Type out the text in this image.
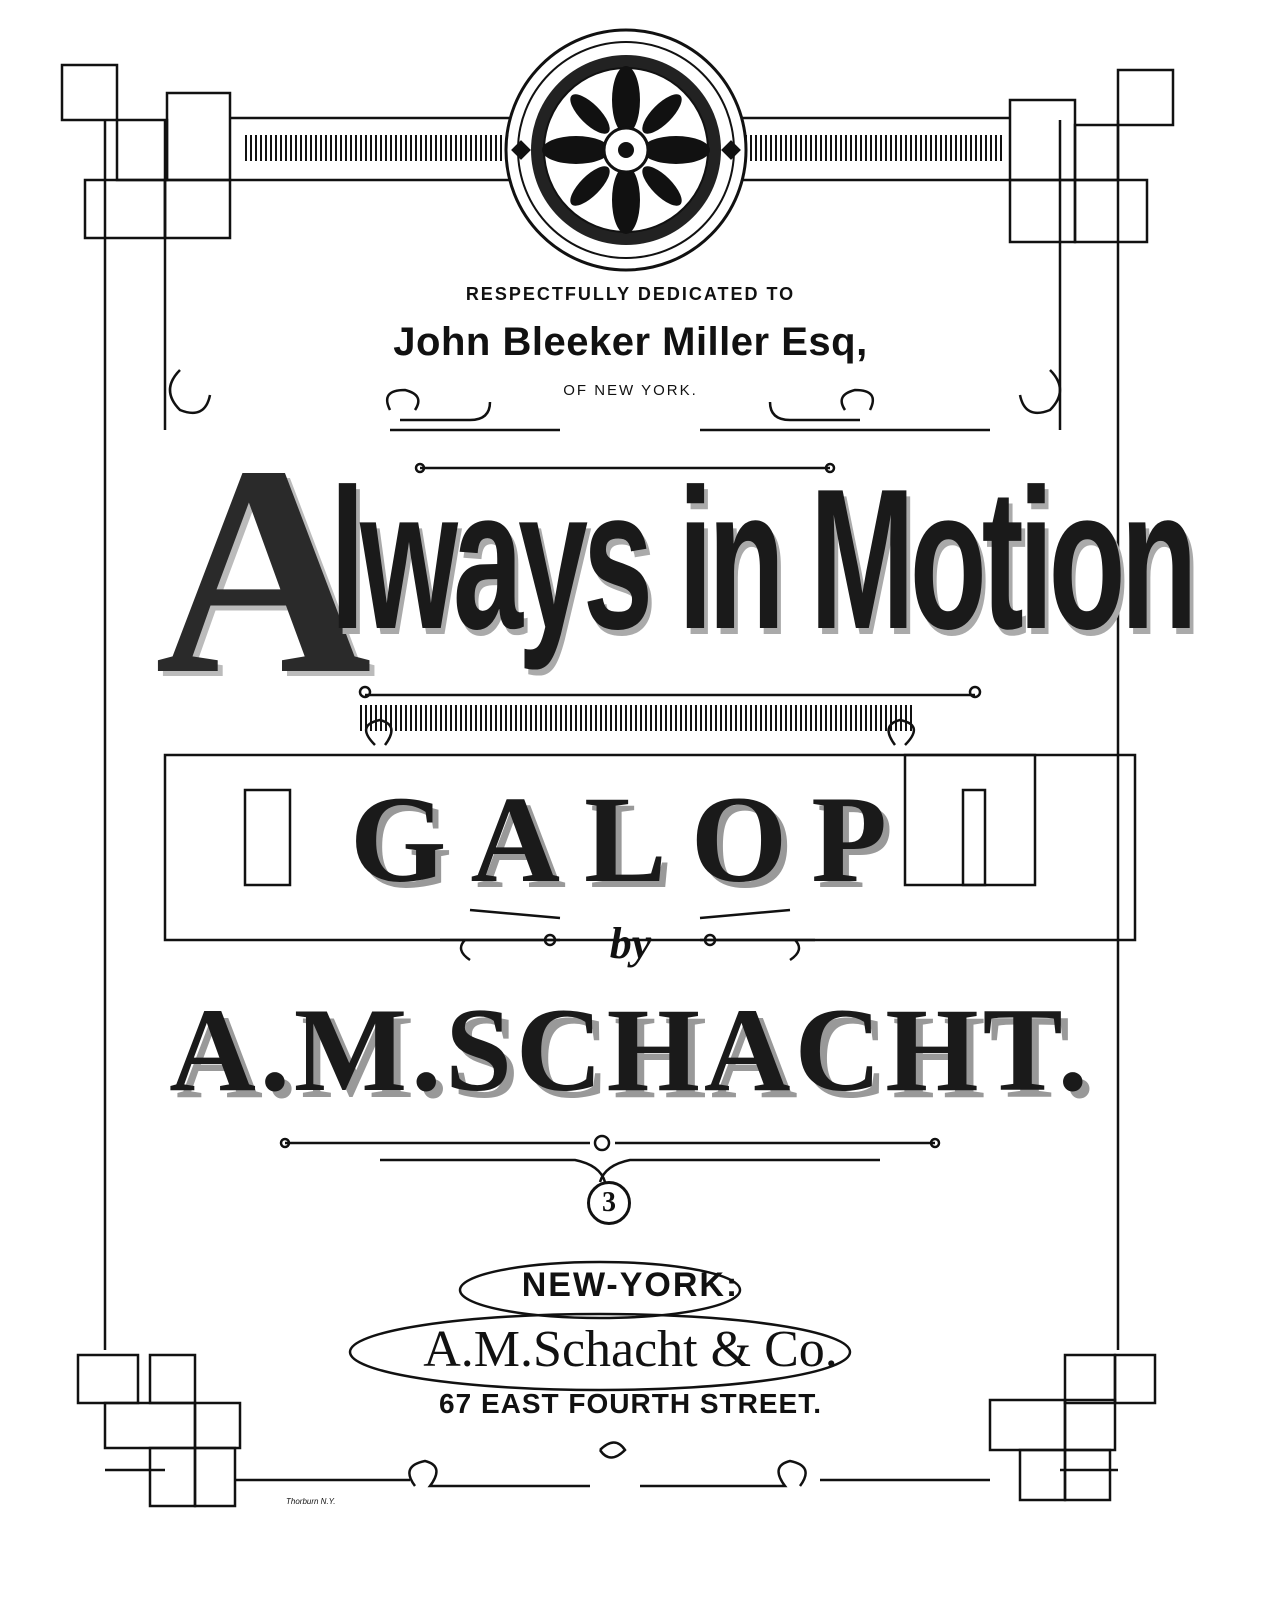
RESPECTFULLY DEDICATED TO
John Bleeker Miller Esq,
OF NEW YORK.
A
lways in Motion
GALOP
by
A.M.SCHACHT.
3
NEW-YORK:
A.M.Schacht & Co.
67 EAST FOURTH STREET.
Thorburn N.Y.
